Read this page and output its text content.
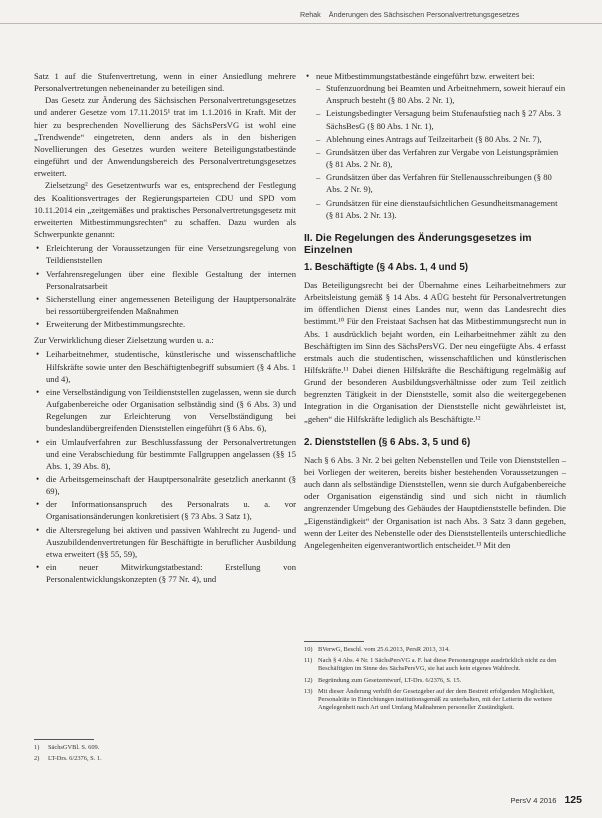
Rehak Änderungen des Sächsischen Personalvertretungsgesetzes

Satz 1 auf die Stufenvertretung, wenn in einer Ansiedlung mehrere Personalvertretungen nebeneinander zu beteiligen sind.

Das Gesetz zur Änderung des Sächsischen Personalvertretungsgesetzes und anderer Gesetze vom 17.11.2015¹ trat im 1.1.2016 in Kraft. Mit der hier zu besprechenden Novellierung des SächsPersVG ist wohl eine „Trendwende“ eingetreten, denn anders als in den bisherigen Novellierungen des Gesetzes wurden weitere Beteiligungstatbestände eingeführt und der Anwendungsbereich des Personalvertretungsgesetzes erweitert.

Zielsetzung² des Gesetzentwurfs war es, entsprechend der Festlegung des Koalitionsvertrages der Regierungsparteien CDU und SPD vom 10.11.2014 ein „zeitgemäßes und praktisches Personalvertretungsgesetz mit erweiterten Mitbestimmungsrechten“ zu schaffen. Dazu wurden als Schwerpunkte genannt:

• Erleichterung der Voraussetzungen für eine Versetzungsregelung von Teildienststellen
• Verfahrensregelungen über eine flexible Gestaltung der internen Personalratsarbeit
• Sicherstellung einer angemessenen Beteiligung der Hauptpersonalräte bei ressortübergreifenden Maßnahmen
• Erweiterung der Mitbestimmungsrechte.

Zur Verwirklichung dieser Zielsetzung wurden u. a.:

• Leiharbeitnehmer, studentische, künstlerische und wissenschaftliche Hilfskräfte sowie unter den Beschäftigtenbegriff subsumiert (§ 4 Abs. 1 und 4),
• eine Verselbständigung von Teildienststellen zugelassen, wenn sie durch Aufgabenbereiche oder Organisation selbständig sind (§ 6 Abs. 3) und Regelungen zur Erleichterung von Verselbständigung bei bundeslandübergreifenden Dienststellen eingeführt (§ 6 Abs. 6),
• ein Umlaufverfahren zur Beschlussfassung der Personalvertretungen und eine Verabschiedung für bestimmte Fallgruppen angelassen (§§ 15 Abs. 1, 39 Abs. 8),
• die Arbeitsgemeinschaft der Hauptpersonalräte gesetzlich anerkannt (§ 69),
• der Informationsanspruch des Personalrats u. a. vor Organisationsänderungen konkretisiert (§ 73 Abs. 3 Satz 1),
• die Altersregelung bei aktiven und passiven Wahlrecht zu Jugend- und Auszubildendenvertretungen für Beschäftigte in beruflicher Ausbildung etwa erweitert (§§ 55, 59),
• ein neuer Mitwirkungstatbestand: Erstellung von Personalentwicklungskonzepten (§ 77 Nr. 4), und
1)	SächsGVBl. S. 609.
2)	LT-Drs. 6/2376, S. 1.
• neue Mitbestimmungstatbestände eingeführt bzw. erweitert bei:
– Stufenzuordnung bei Beamten und Arbeitnehmern, soweit hierauf ein Anspruch besteht (§ 80 Abs. 2 Nr. 1),
– Leistungsbedingter Versagung beim Stufenaufstieg nach § 27 Abs. 3 SächsBesG (§ 80 Abs. 1 Nr. 1),
– Ablehnung eines Antrags auf Teilzeitarbeit (§ 80 Abs. 2 Nr. 7),
– Grundsätzen über das Verfahren zur Vergabe von Leistungsprämien (§ 81 Abs. 2 Nr. 8),
– Grundsätzen über das Verfahren für Stellenausschreibungen (§ 80 Abs. 2 Nr. 9),
– Grundsätzen für eine dienstaufsichtlichen Gesundheitsmanagement (§ 81 Abs. 2 Nr. 13).
II. Die Regelungen des Änderungsgesetzes im Einzelnen
1. Beschäftigte (§ 4 Abs. 1, 4 und 5)

Das Beteiligungsrecht bei der Übernahme eines Leiharbeitnehmers zur Arbeitsleistung gemäß § 14 Abs. 4 AÜG besteht für Personalvertretungen im öffentlichen Dienst eines Landes nur, wenn das Landesrecht dies bestimmt.¹⁰ Für den Freistaat Sachsen hat das Mitbestimmungsrecht nun in Abs. 1 ausdrücklich bejaht worden, ein Leiharbeitnehmer zählt zu den Beschäftigten im Sinn des SächsPersVG. Der neu eingefügte Abs. 4 erfasst erstmals auch die studentischen, wissenschaftlichen und künstlerischen Hilfskräfte.¹¹ Dabei dienen Hilfskräfte die Beschäftigung regelmäßig auf Grund der besonderen Ausbildungsverhältnisse oder zum Teil zeitlich begrenzten Tätigkeit in der Dienststelle, somit also die weitergegebenen Integration in die Organisation der Dienststelle nicht gewährleistet ist, „gehen“ die Hilfskräfte lediglich als Beschäftigte.¹²

2. Dienststellen (§ 6 Abs. 3, 5 und 6)

Nach § 6 Abs. 3 Nr. 2 bei gelten Nebenstellen und Teile von Dienststellen – bei Vorliegen der weiteren, bereits bisher bestehenden Voraussetzungen – auch dann als selbständige Dienststellen, wenn sie durch Aufgabenbereiche oder Organisation eigenständig sind und sich nicht in räumlich angrenzender Umgebung des Gebäudes der Hauptdienststelle befinden. Die „Eigenständigkeit“ der Organisation ist nach Abs. 3 Satz 3 dann gegeben, wenn der Leiter des Nebenstelle oder des Dienststellenteils unterschiedliche Angelegenheiten eigenverantwortlich entscheidet.¹³ Mit den

10) BVerwG, Beschl. vom 25.6.2013, PersR 2013, 314.
11) Nach § 4 Abs. 4 Nr. 1 SächsPersVG a. F. hat diese Personengruppe ausdrücklich nicht zu den Beschäftigten im Sinne des SächsPersVG, sie hat auch kein eigenes Wahlrecht.
12) Begründung zum Gesetzentwurf, LT-Drs. 6/2376, S. 15.
13) Mit dieser Änderung verhilft der Gesetzgeber auf der dem Bestreit erfolgenden Möglichkeit, Personalräte in Einrichtungen institutionsgemäß zu unterhalten, mit der Leiterin die weitere Angelegenheit nach Art und Umfang Maßnahmen personeller Zuständigkeit.
PersV 4 2016 125
